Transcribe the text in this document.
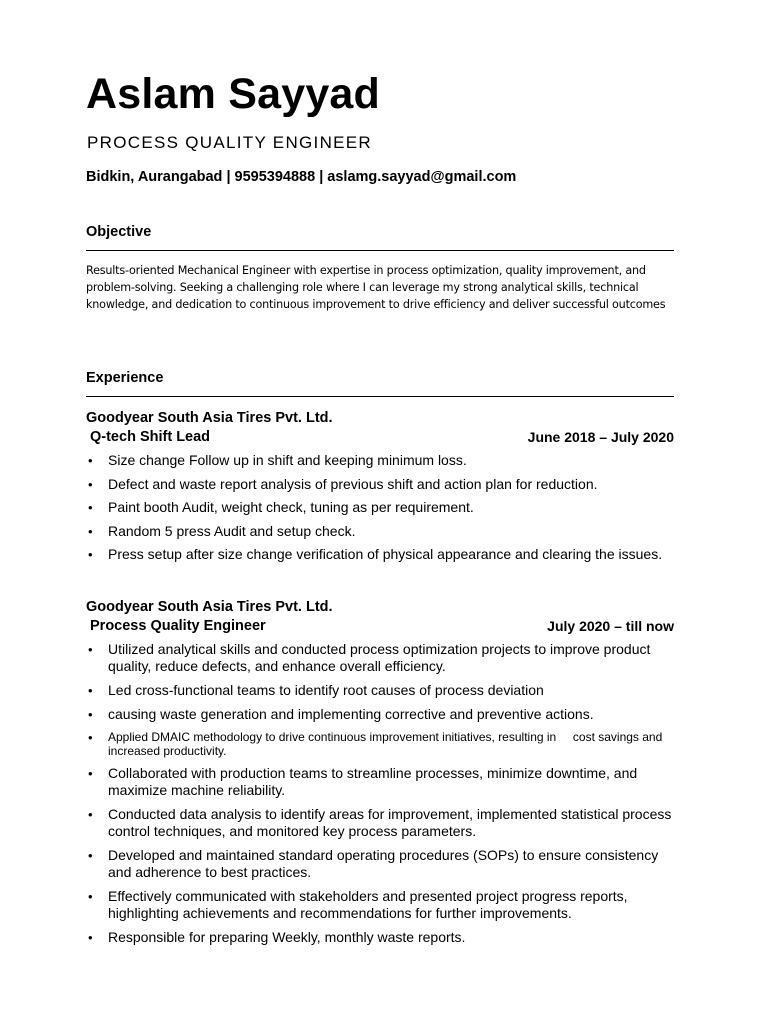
Aslam Sayyad
PROCESS QUALITY ENGINEER
Bidkin, Aurangabad | 9595394888 | aslamg.sayyad@gmail.com
Objective
Results-oriented Mechanical Engineer with expertise in process optimization, quality improvement, and problem-solving. Seeking a challenging role where I can leverage my strong analytical skills, technical knowledge, and dedication to continuous improvement to drive efficiency and deliver successful outcomes
Experience
Goodyear South Asia Tires Pvt. Ltd.
Q-tech Shift Lead	June 2018 – July 2020
• Size change Follow up in shift and keeping minimum loss.
• Defect and waste report analysis of previous shift and action plan for reduction.
• Paint booth Audit, weight check, tuning as per requirement.
• Random 5 press Audit and setup check.
• Press setup after size change verification of physical appearance and clearing the issues.
Goodyear South Asia Tires Pvt. Ltd.
Process Quality Engineer	July 2020 – till now
• Utilized analytical skills and conducted process optimization projects to improve product quality, reduce defects, and enhance overall efficiency.
• Led cross-functional teams to identify root causes of process deviation
• causing waste generation and implementing corrective and preventive actions.
• Applied DMAIC methodology to drive continuous improvement initiatives, resulting in     cost savings and increased productivity.
• Collaborated with production teams to streamline processes, minimize downtime, and maximize machine reliability.
• Conducted data analysis to identify areas for improvement, implemented statistical process control techniques, and monitored key process parameters.
• Developed and maintained standard operating procedures (SOPs) to ensure consistency and adherence to best practices.
• Effectively communicated with stakeholders and presented project progress reports, highlighting achievements and recommendations for further improvements.
• Responsible for preparing Weekly, monthly waste reports.
